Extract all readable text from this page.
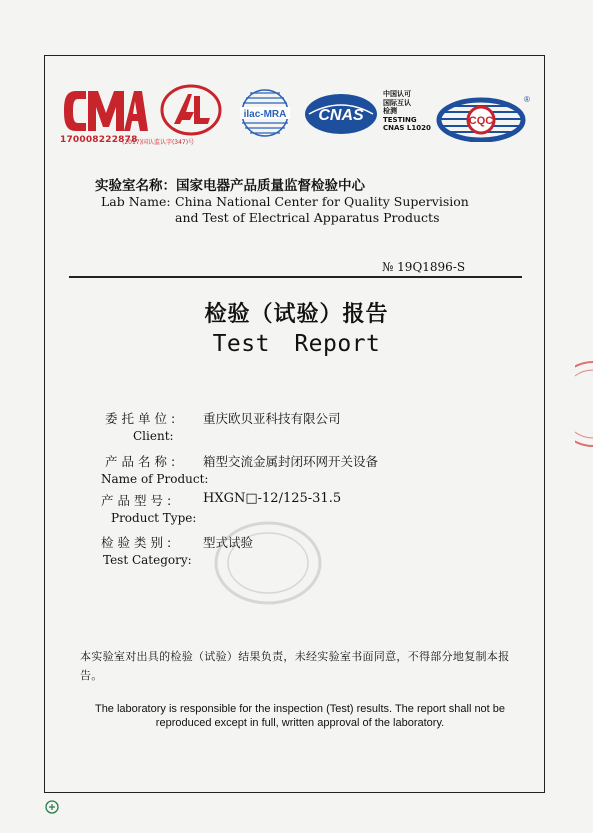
170008222878
(2017)国认监认字(347)号
ilac-MRA CNAS
中国认可
国际互认
检测
TESTING
CNAS L1020
CQC
®
实验室名称：国家电器产品质量监督检验中心
Lab Name: China National Center for Quality Supervision
and Test of Electrical Apparatus Products
№ 19Q1896-S
检验（试验）报告
Test Report
委托单位: 重庆欧贝亚科技有限公司
Client:
产品名称: 箱型交流金属封闭环网开关设备
Name of Product:
产品型号: HXGN□-12/125-31.5
Product Type:
检验类别: 型式试验
Test Category:
本实验室对出具的检验（试验）结果负责，未经实验室书面同意，不得部分地复制本报告。
The laboratory is responsible for the inspection (Test) results. The report shall not be reproduced except in full, written approval of the laboratory.
